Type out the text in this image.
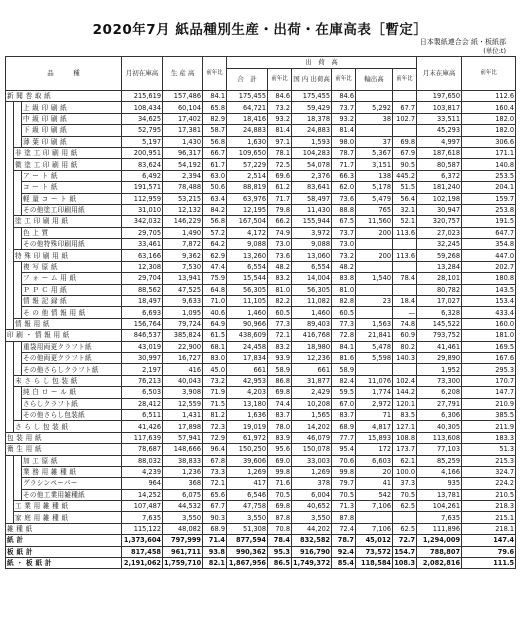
2020年7月 紙品種別生産・出荷・在庫高表［暫定］
日本製紙連合会 紙・板紙部
(単位:t)
品　　　種			月初在庫高	生 産 高	前年比	出　荷　高						月末在庫高	前年比
						合　計	前年比	国 内 出荷高	前年比	輸出高	前年比		
新 聞 巻 取 紙			215,619	157,486	84.1	175,455	84.6	175,455	84.6			197,650	112.6
		上 級 印 刷 紙	108,434	60,104	65.8	64,721	73.2	59,429	73.7	5,292	67.7	103,817	160.4
		中 級 印 刷 紙	34,625	17,402	82.9	18,416	93.2	18,378	93.2	38	102.7	33,511	182.0
		下 級 印 刷 紙	52,795	17,381	58.7	24,883	81.4	24,883	81.4			45,293	182.0
		薄 葉 印 刷 紙	5,197	1,430	56.8	1,630	97.1	1,593	98.0	37	69.8	4,997	306.6
	非 塗 工 印 刷 用 紙		200,951	96,317	66.7	109,650	78.1	104,283	78.7	5,367	67.9	187,618	171.1
	微 塗 工 印 刷 用 紙		83,624	54,192	61.7	57,229	72.5	54,078	71.7	3,151	90.5	80,587	140.8
		ア ー ト 紙	6,492	2,394	63.0	2,514	69.6	2,376	66.3	138	445.2	6,372	253.5
		コ ー ト 紙	191,571	78,488	50.6	88,819	61.2	83,641	62.0	5,178	51.5	181,240	204.1
		軽 量 コ ー ト 紙	112,959	53,215	63.4	63,976	71.7	58,497	73.6	5,479	56.4	102,198	159.7
		その他塗工印刷用紙	31,010	12,132	84.2	12,195	79.8	11,430	88.8	765	32.1	30,947	253.8
	塗 工 印 刷 用 紙		342,032	146,229	56.8	167,504	66.2	155,944	67.5	11,560	52.1	320,757	191.5
		色 上 質	29,705	1,490	57.2	4,172	74.9	3,972	73.7	200	113.6	27,023	647.7
		その他特殊印刷用紙	33,461	7,872	64.2	9,088	73.0	9,088	73.0			32,245	354.8
	特 殊 印 刷 用 紙		63,166	9,362	62.9	13,260	73.6	13,060	73.2	200	113.6	59,268	447.0
		複 写 原 紙	12,308	7,530	47.4	6,554	48.2	6,554	48.2			13,284	202.7
		フ ォ ー ム 用 紙	29,704	13,941	75.9	15,544	83.2	14,004	83.8	1,540	78.4	28,101	180.8
		Ｐ Ｐ Ｃ 用 紙	88,562	47,525	64.8	56,305	81.0	56,305	81.0			80,782	143.5
		情 報 記 録 紙	18,497	9,633	71.0	11,105	82.2	11,082	82.8	23	18.4	17,027	153.4
		そ の 他 情 報 用 紙	6,693	1,095	40.6	1,460	60.5	1,460	60.5		—	6,328	433.4
	情 報 用 紙		156,764	79,724	64.9	90,966	77.3	89,403	77.3	1,563	74.8	145,522	160.0
印 刷 ・ 情 報 用 紙			846,537	385,824	61.5	438,609	72.1	416,768	72.8	21,841	60.9	793,752	181.0
		重袋用両更クラフト紙	43,019	22,900	68.1	24,458	83.2	18,980	84.1	5,478	80.2	41,461	169.5
		その他両更クラフト紙	30,997	16,727	83.0	17,834	93.9	12,236	81.6	5,598	140.3	29,890	167.6
		その他さらしクラフト紙	2,197	416	45.0	661	58.9	661	58.9			1,952	295.3
	未 さ ら し 包 装 紙		76,213	40,043	73.2	42,953	86.8	31,877	82.4	11,076	102.4	73,300	170.7
		純 白 ロ ー ル 紙	6,503	3,908	71.9	4,203	69.8	2,429	59.5	1,774	144.2	6,208	147.7
		さらしクラフト紙	28,412	12,559	71.5	13,180	74.4	10,208	67.0	2,972	120.1	27,791	210.9
		その他さらし包装紙	6,511	1,431	81.2	1,636	83.7	1,565	83.7	71	83.5	6,306	385.5
	さ ら し 包 装 紙		41,426	17,898	72.3	19,019	78.0	14,202	68.9	4,817	127.1	40,305	211.9
包 装 用 紙			117,639	57,941	72.9	61,972	83.9	46,079	77.7	15,893	108.8	113,608	183.3
衛 生 用 紙			78,687	148,666	96.4	150,250	95.6	150,078	95.4	172	173.7	77,103	51.3
		加 工 原 紙	88,032	38,833	67.8	39,606	69.0	33,003	70.6	6,603	62.1	85,259	215.3
		業 務 用 雑 種 紙	4,239	1,236	73.3	1,269	99.8	1,269	99.8	20	100.0	4,166	324.7
		グラシンペーパー	964	368	72.1	417	71.6	378	79.7	41	37.3	935	224.2
		その他工業用雑種紙	14,252	6,075	65.6	6,546	70.5	6,004	70.5	542	70.5	13,781	210.5
	工 業 用 雑 種 紙		107,487	44,532	67.7	47,758	69.8	40,652	71.3	7,106	62.5	104,261	218.3
	家 庭 用 雑 種 紙		7,635	3,550	90.3	3,550	87.8	3,550	87.8			7,635	215.1
雑 種 紙			115,122	48,082	68.9	51,308	70.8	44,202	72.4	7,106	62.5	111,896	218.1
紙 計			1,373,604	797,999	71.4	877,594	78.4	832,582	78.7	45,012	72.7	1,294,009	147.4
板 紙 計			817,458	961,711	93.8	990,362	95.3	916,790	92.4	73,572	154.7	788,807	79.6
紙 ・ 板 紙 計			2,191,062	1,759,710	82.1	1,867,956	86.5	1,749,372	85.4	118,584	108.3	2,082,816	111.5
